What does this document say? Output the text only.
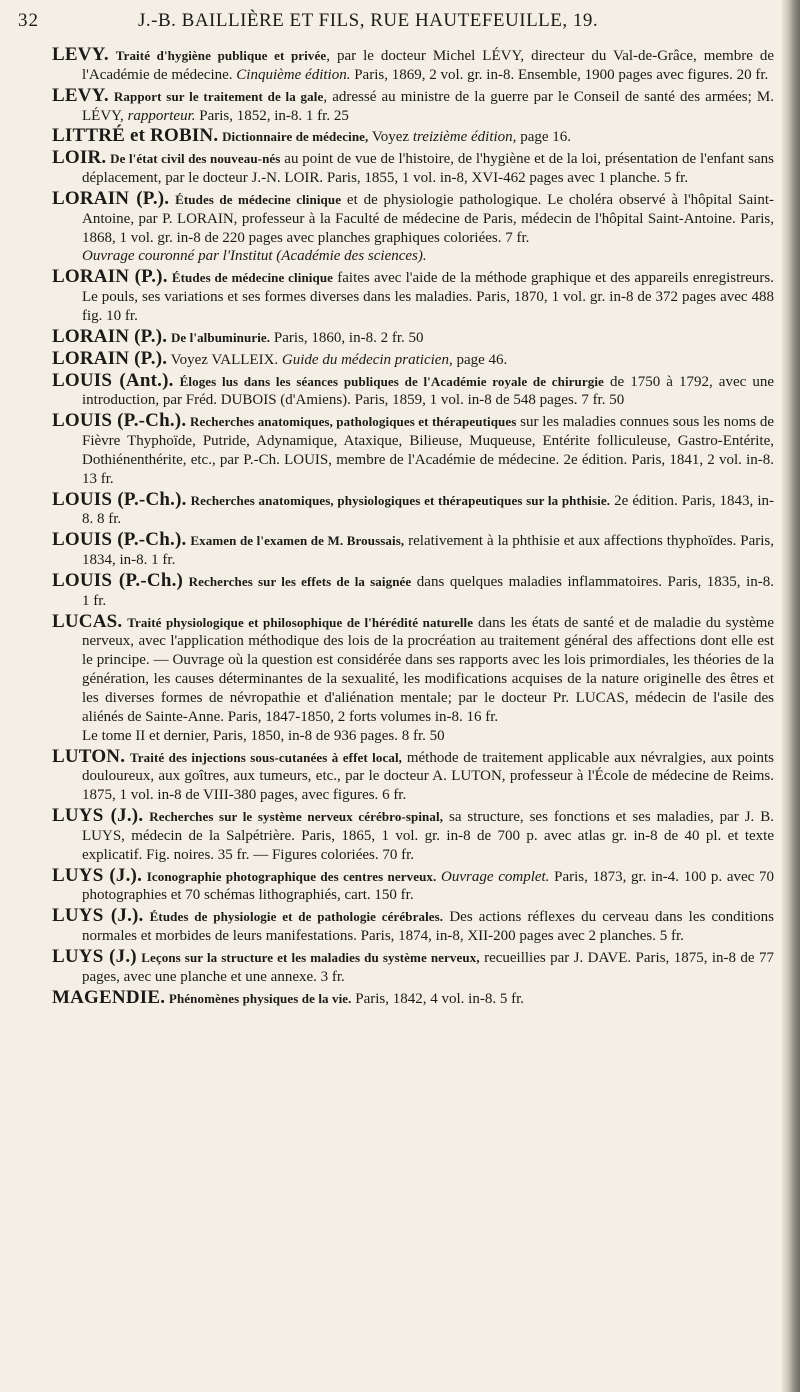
32	J.-B. BAILLIÈRE ET FILS, RUE HAUTEFEUILLE, 19.

LEVY. Traité d'hygiène publique et privée, par le docteur Michel LÉVY, directeur du Val-de-Grâce, membre de l'Académie de médecine. Cinquième édition. Paris, 1869, 2 vol. gr. in-8. Ensemble, 1900 pages avec figures. 20 fr.

LEVY. Rapport sur le traitement de la gale, adressé au ministre de la guerre par le Conseil de santé des armées; M. LÉVY, rapporteur. Paris, 1852, in-8. 1 fr. 25

LITTRÉ et ROBIN. Dictionnaire de médecine, Voyez treizième édition, page 16.

LOIR. De l'état civil des nouveau-nés au point de vue de l'histoire, de l'hygiène et de la loi, présentation de l'enfant sans déplacement, par le docteur J.-N. LOIR. Paris, 1855, 1 vol. in-8, XVI-462 pages avec 1 planche. 5 fr.

LORAIN (P.). Études de médecine clinique et de physiologie pathologique. Le choléra observé à l'hôpital Saint-Antoine, par P. LORAIN, professeur à la Faculté de médecine de Paris, médecin de l'hôpital Saint-Antoine. Paris, 1868, 1 vol. gr. in-8 de 220 pages avec planches graphiques coloriées. 7 fr.
Ouvrage couronné par l'Institut (Académie des sciences).

LORAIN (P.). Études de médecine clinique faites avec l'aide de la méthode graphique et des appareils enregistreurs. Le pouls, ses variations et ses formes diverses dans les maladies. Paris, 1870, 1 vol. gr. in-8 de 372 pages avec 488 fig. 10 fr.

LORAIN (P.). De l'albuminurie. Paris, 1860, in-8. 2 fr. 50

LORAIN (P.). Voyez VALLEIX. Guide du médecin praticien, page 46.

LOUIS (Ant.). Éloges lus dans les séances publiques de l'Académie royale de chirurgie de 1750 à 1792, avec une introduction, par Fréd. DUBOIS (d'Amiens). Paris, 1859, 1 vol. in-8 de 548 pages. 7 fr. 50

LOUIS (P.-Ch.). Recherches anatomiques, pathologiques et thérapeutiques sur les maladies connues sous les noms de Fièvre Thyphoïde, Putride, Adynamique, Ataxique, Bilieuse, Muqueuse, Entérite folliculeuse, Gastro-Entérite, Dothiénenthérite, etc., par P.-Ch. LOUIS, membre de l'Académie de médecine. 2e édition. Paris, 1841, 2 vol. in-8. 13 fr.

LOUIS (P.-Ch.). Recherches anatomiques, physiologiques et thérapeutiques sur la phthisie. 2e édition. Paris, 1843, in-8. 8 fr.

LOUIS (P.-Ch.). Examen de l'examen de M. Broussais, relativement à la phthisie et aux affections thyphoïdes. Paris, 1834, in-8. 1 fr.

LOUIS (P.-Ch.) Recherches sur les effets de la saignée dans quelques maladies inflammatoires. Paris, 1835, in-8. 1 fr.

LUCAS. Traité physiologique et philosophique de l'hérédité naturelle dans les états de santé et de maladie du système nerveux, avec l'application méthodique des lois de la procréation au traitement général des affections dont elle est le principe. — Ouvrage où la question est considérée dans ses rapports avec les lois primordiales, les théories de la génération, les causes déterminantes de la sexualité, les modifications acquises de la nature originelle des êtres et les diverses formes de névropathie et d'aliénation mentale; par le docteur Pr. LUCAS, médecin de l'asile des aliénés de Sainte-Anne. Paris, 1847-1850, 2 forts volumes in-8. 16 fr.
Le tome II et dernier, Paris, 1850, in-8 de 936 pages. 8 fr. 50

LUTON. Traité des injections sous-cutanées à effet local, méthode de traitement applicable aux névralgies, aux points douloureux, aux goîtres, aux tumeurs, etc., par le docteur A. LUTON, professeur à l'École de médecine de Reims. 1875, 1 vol. in-8 de VIII-380 pages, avec figures. 6 fr.

LUYS (J.). Recherches sur le système nerveux cérébro-spinal, sa structure, ses fonctions et ses maladies, par J. B. LUYS, médecin de la Salpétrière. Paris, 1865, 1 vol. gr. in-8 de 700 p. avec atlas gr. in-8 de 40 pl. et texte explicatif. Fig. noires. 35 fr. — Figures coloriées. 70 fr.

LUYS (J.). Iconographie photographique des centres nerveux. Ouvrage complet. Paris, 1873, gr. in-4. 100 p. avec 70 photographies et 70 schémas lithographiés, cart. 150 fr.

LUYS (J.). Études de physiologie et de pathologie cérébrales. Des actions réflexes du cerveau dans les conditions normales et morbides de leurs manifestations. Paris, 1874, in-8, XII-200 pages avec 2 planches. 5 fr.

LUYS (J.) Leçons sur la structure et les maladies du système nerveux, recueillies par J. DAVE. Paris, 1875, in-8 de 77 pages, avec une planche et une annexe. 3 fr.

MAGENDIE. Phénomènes physiques de la vie. Paris, 1842, 4 vol. in-8. 5 fr.
